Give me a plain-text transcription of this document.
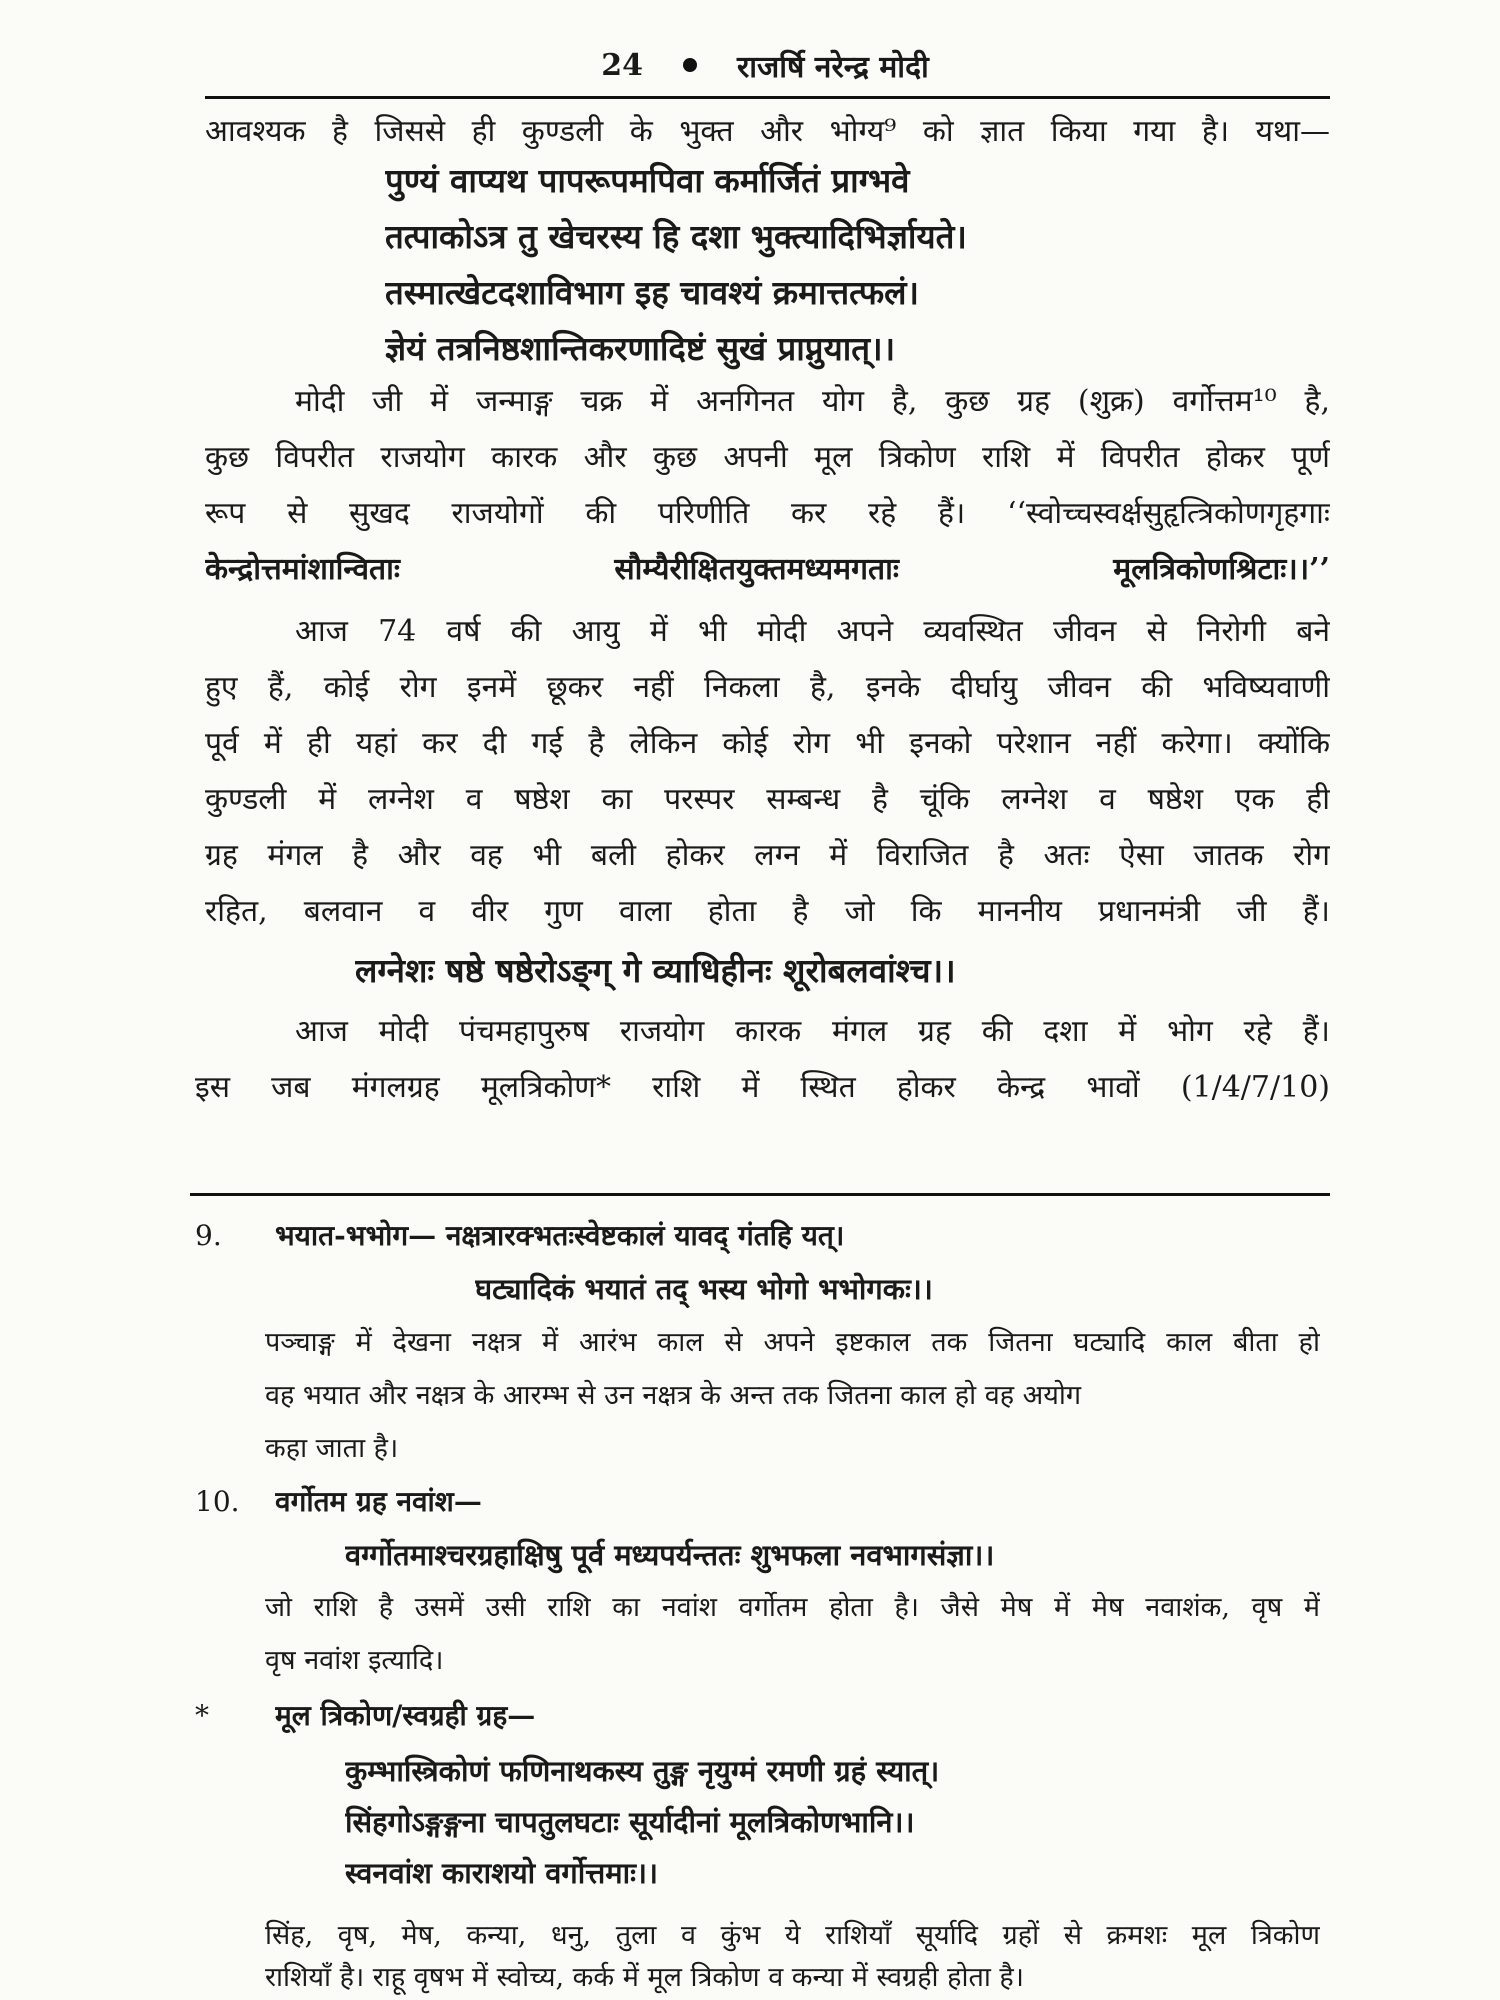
24	राजर्षि नरेन्द्र मोदी
आवश्यक है जिससे ही कुण्डली के भुक्त और भोग्य⁹ को ज्ञात किया गया है। यथा—
पुण्यं वाप्यथ पापरूपमपिवा कर्मार्जितं प्राग्भवे
तत्पाकोऽत्र तु खेचरस्य हि दशा भुक्त्यादिभिर्ज्ञायते।
तस्मात्खेटदशाविभाग इह चावश्यं क्रमात्तत्फलं।
ज्ञेयं तत्रनिष्ठशान्तिकरणादिष्टं सुखं प्राप्नुयात्।।
मोदी जी में जन्माङ्ग चक्र में अनगिनत योग है, कुछ ग्रह (शुक्र) वर्गोत्तम¹⁰ है,
कुछ विपरीत राजयोग कारक और कुछ अपनी मूल त्रिकोण राशि में विपरीत होकर पूर्ण
रूप से सुखद राजयोगों की परिणीति कर रहे हैं। ‘‘स्वोच्चस्वर्क्षसुहृत्त्रिकोणगृहगाः
केन्द्रोत्तमांशान्विताः सौम्यैरीक्षितयुक्तमध्यमगताः मूलत्रिकोणश्रिटाः।।’’
आज 74 वर्ष की आयु में भी मोदी अपने व्यवस्थित जीवन से निरोगी बने
हुए हैं, कोई रोग इनमें छूकर नहीं निकला है, इनके दीर्घायु जीवन की भविष्यवाणी
पूर्व में ही यहां कर दी गई है लेकिन कोई रोग भी इनको परेशान नहीं करेगा। क्योंकि
कुण्डली में लग्नेश व षष्ठेश का परस्पर सम्बन्ध है चूंकि लग्नेश व षष्ठेश एक ही
ग्रह मंगल है और वह भी बली होकर लग्न में विराजित है अतः ऐसा जातक रोग
रहित, बलवान व वीर गुण वाला होता है जो कि माननीय प्रधानमंत्री जी हैं।
लग्नेशः षष्ठे षष्ठेरोऽङ्ग् गे व्याधिहीनः शूरोबलवांश्च।।
आज मोदी पंचमहापुरुष राजयोग कारक मंगल ग्रह की दशा में भोग रहे हैं।
इस जब मंगलग्रह मूलत्रिकोण* राशि में स्थित होकर केन्द्र भावों (1/4/7/10)
9.	भयात-भभोग— नक्षत्रारक्भतःस्वेष्टकालं यावद् गंतहि यत्।
घट्यादिकं भयातं तद् भस्य भोगो भभोगकः।।
पञ्चाङ्ग में देखना नक्षत्र में आरंभ काल से अपने इष्टकाल तक जितना घट्यादि काल बीता हो
वह भयात और नक्षत्र के आरम्भ से उन नक्षत्र के अन्त तक जितना काल हो वह अयोग
कहा जाता है।
10.	वर्गोतम ग्रह नवांश—
वर्ग्गोतमाश्चरग्रहाक्षिषु पूर्व मध्यपर्यन्ततः शुभफला नवभागसंज्ञा।।
जो राशि है उसमें उसी राशि का नवांश वर्गोतम होता है। जैसे मेष में मेष नवाशंक, वृष में
वृष नवांश इत्यादि।
*	मूल त्रिकोण/स्वग्रही ग्रह—
कुम्भास्त्रिकोणं फणिनाथकस्य तुङ्ग नृयुग्मं रमणी ग्रहं स्यात्।
सिंहगोऽङ्गङ्गना चापतुलघटाः सूर्यादीनां मूलत्रिकोणभानि।।
स्वनवांश काराशयो वर्गोत्तमाः।।
सिंह, वृष, मेष, कन्या, धनु, तुला व कुंभ ये राशियाँ सूर्यादि ग्रहों से क्रमशः मूल त्रिकोण
राशियाँ है। राहू वृषभ में स्वोच्य, कर्क में मूल त्रिकोण व कन्या में स्वग्रही होता है।
